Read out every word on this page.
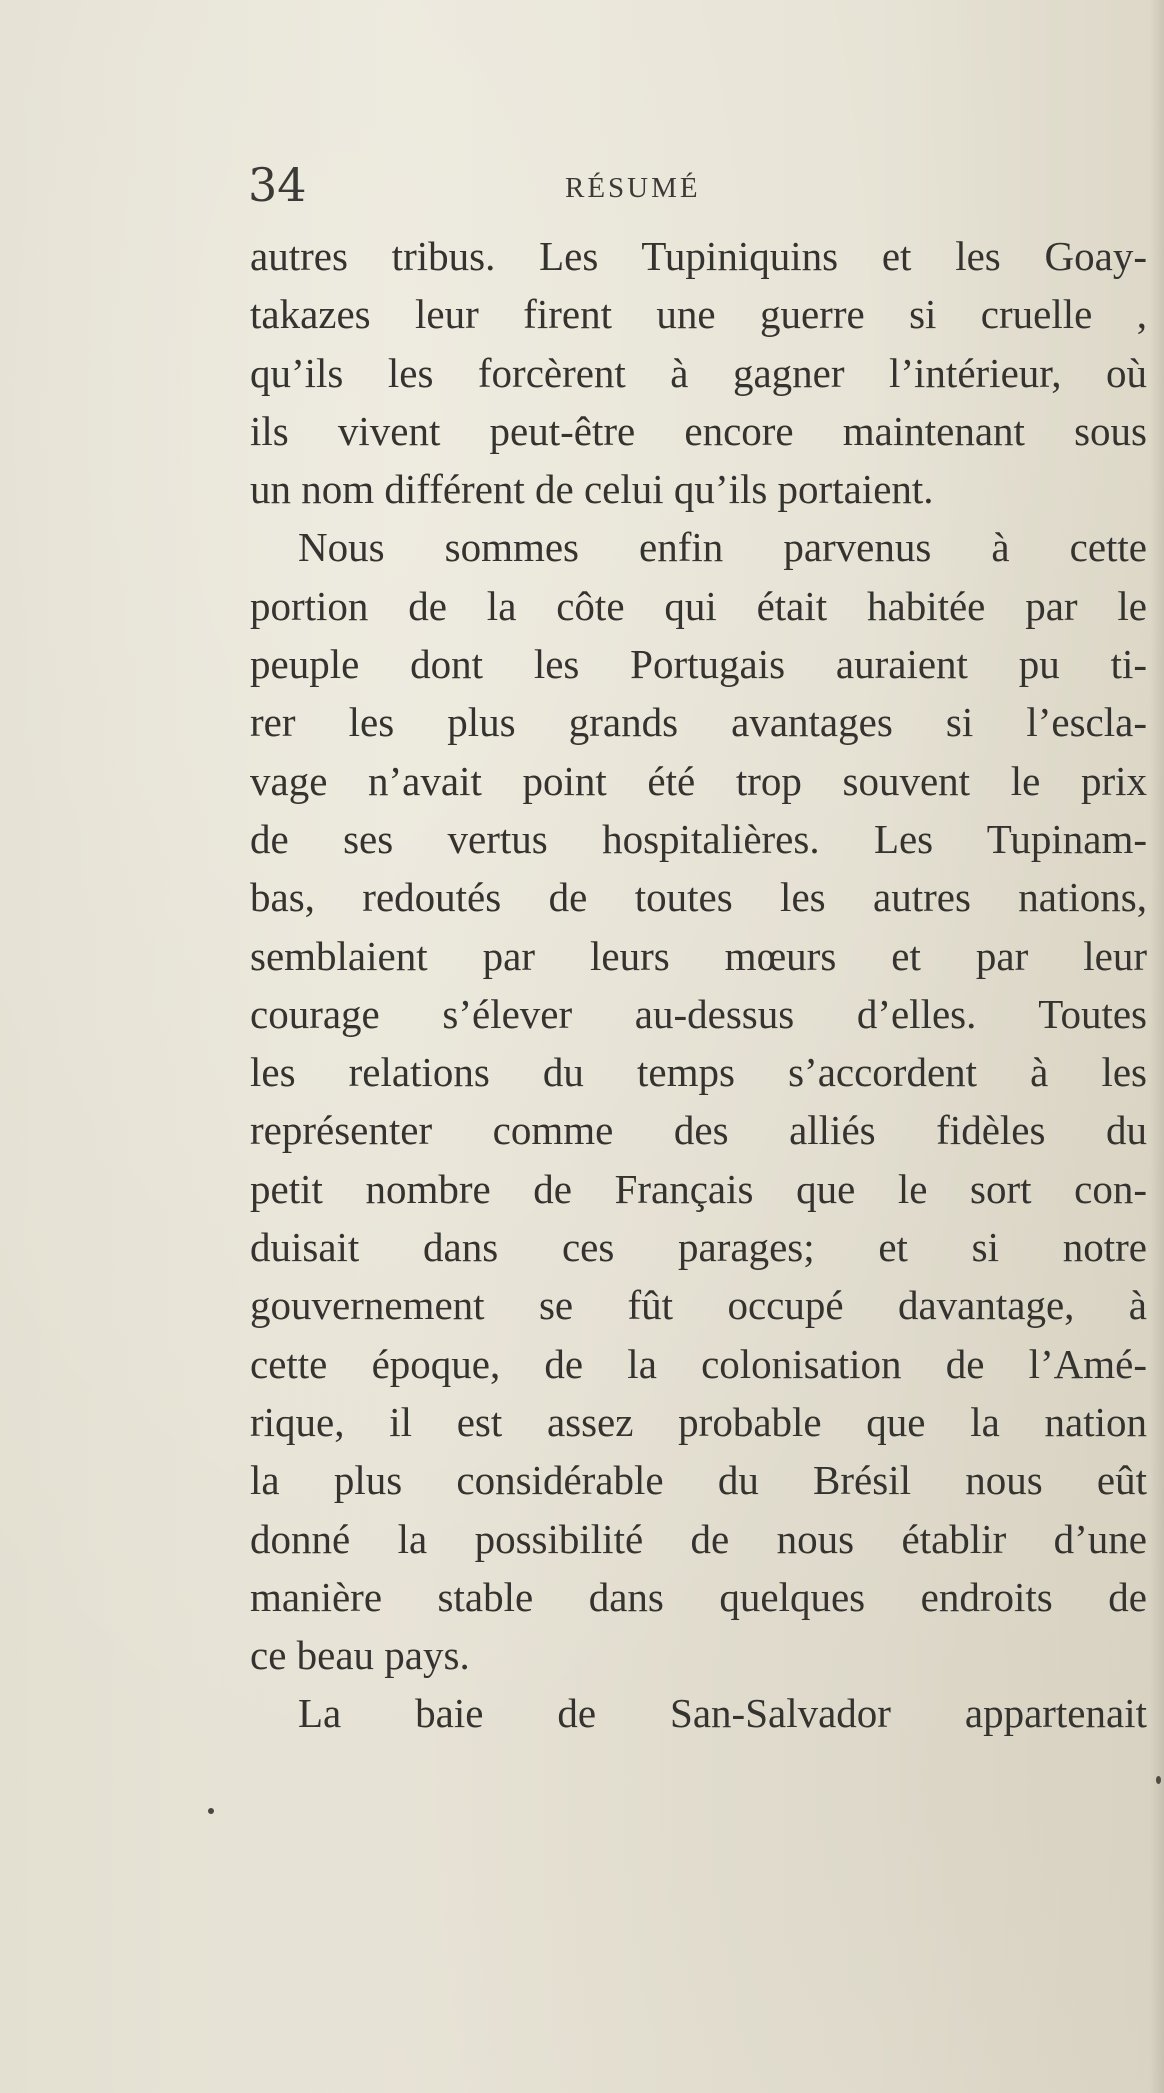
34	RÉSUMÉ
autres tribus. Les Tupiniquins et les Goay-
takazes leur firent une guerre si cruelle ,
qu’ils les forcèrent à gagner l’intérieur, où
ils vivent peut-être encore maintenant sous
un nom différent de celui qu’ils portaient.
Nous sommes enfin parvenus à cette
portion de la côte qui était habitée par le
peuple dont les Portugais auraient pu ti-
rer les plus grands avantages si l’escla-
vage n’avait point été trop souvent le prix
de ses vertus hospitalières. Les Tupinam-
bas, redoutés de toutes les autres nations,
semblaient par leurs mœurs et par leur
courage s’élever au-dessus d’elles. Toutes
les relations du temps s’accordent à les
représenter comme des alliés fidèles du
petit nombre de Français que le sort con-
duisait dans ces parages; et si notre
gouvernement se fût occupé davantage, à
cette époque, de la colonisation de l’Amé-
rique, il est assez probable que la nation
la plus considérable du Brésil nous eût
donné la possibilité de nous établir d’une
manière stable dans quelques endroits de
ce beau pays.
La baie de San-Salvador appartenait
